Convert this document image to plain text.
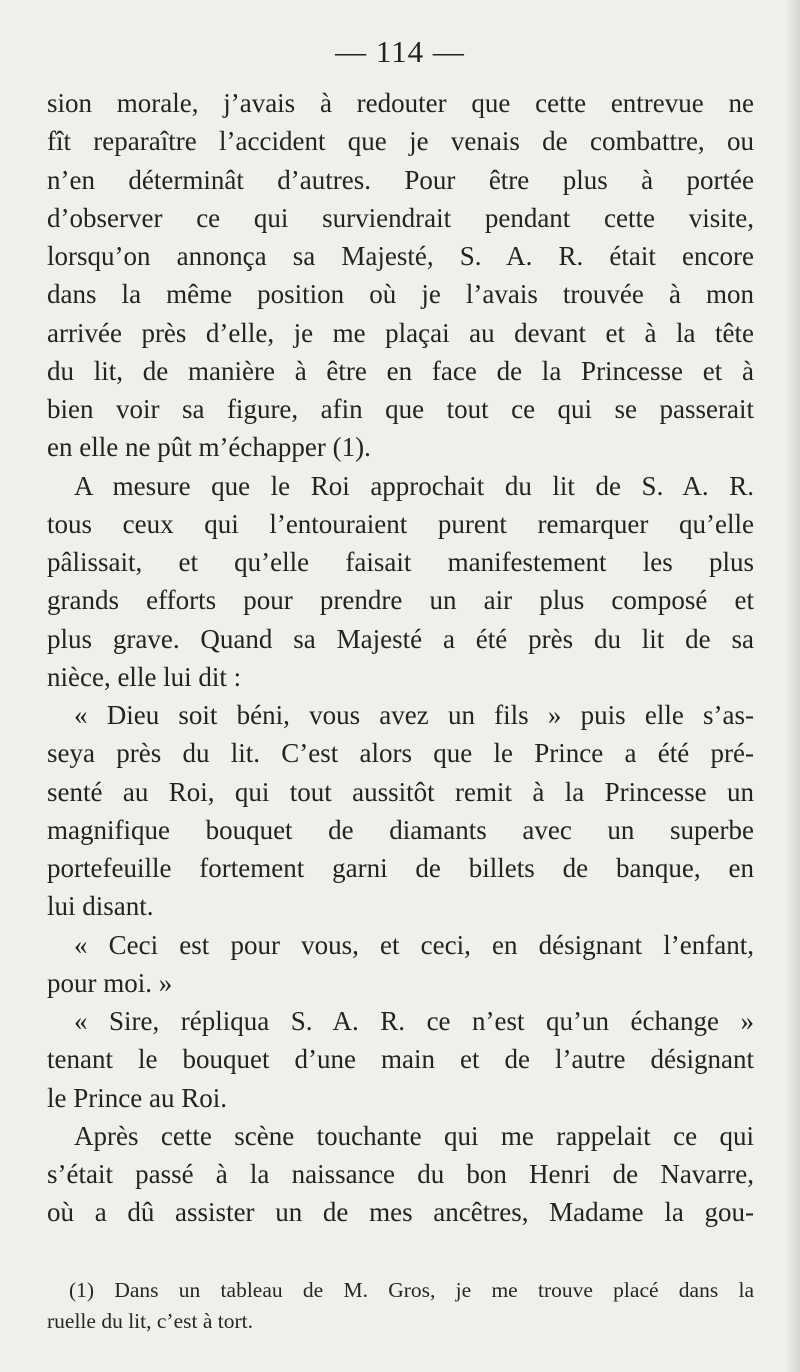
— 114 —
sion morale, j’avais à redouter que cette entrevue ne
fît reparaître l’accident que je venais de combattre, ou
n’en déterminât d’autres. Pour être plus à portée
d’observer ce qui surviendrait pendant cette visite,
lorsqu’on annonça sa Majesté, S. A. R. était encore
dans la même position où je l’avais trouvée à mon
arrivée près d’elle, je me plaçai au devant et à la tête
du lit, de manière à être en face de la Princesse et à
bien voir sa figure, afin que tout ce qui se passerait
en elle ne pût m’échapper (1).
A mesure que le Roi approchait du lit de S. A. R.
tous ceux qui l’entouraient purent remarquer qu’elle
pâlissait, et qu’elle faisait manifestement les plus
grands efforts pour prendre un air plus composé et
plus grave. Quand sa Majesté a été près du lit de sa
nièce, elle lui dit :
« Dieu soit béni, vous avez un fils » puis elle s’as-
seya près du lit. C’est alors que le Prince a été pré-
senté au Roi, qui tout aussitôt remit à la Princesse un
magnifique bouquet de diamants avec un superbe
portefeuille fortement garni de billets de banque, en
lui disant.
« Ceci est pour vous, et ceci, en désignant l’enfant,
pour moi. »
« Sire, répliqua S. A. R. ce n’est qu’un échange »
tenant le bouquet d’une main et de l’autre désignant
le Prince au Roi.
Après cette scène touchante qui me rappelait ce qui
s’était passé à la naissance du bon Henri de Navarre,
où a dû assister un de mes ancêtres, Madame la gou-
(1) Dans un tableau de M. Gros, je me trouve placé dans la
ruelle du lit, c’est à tort.
